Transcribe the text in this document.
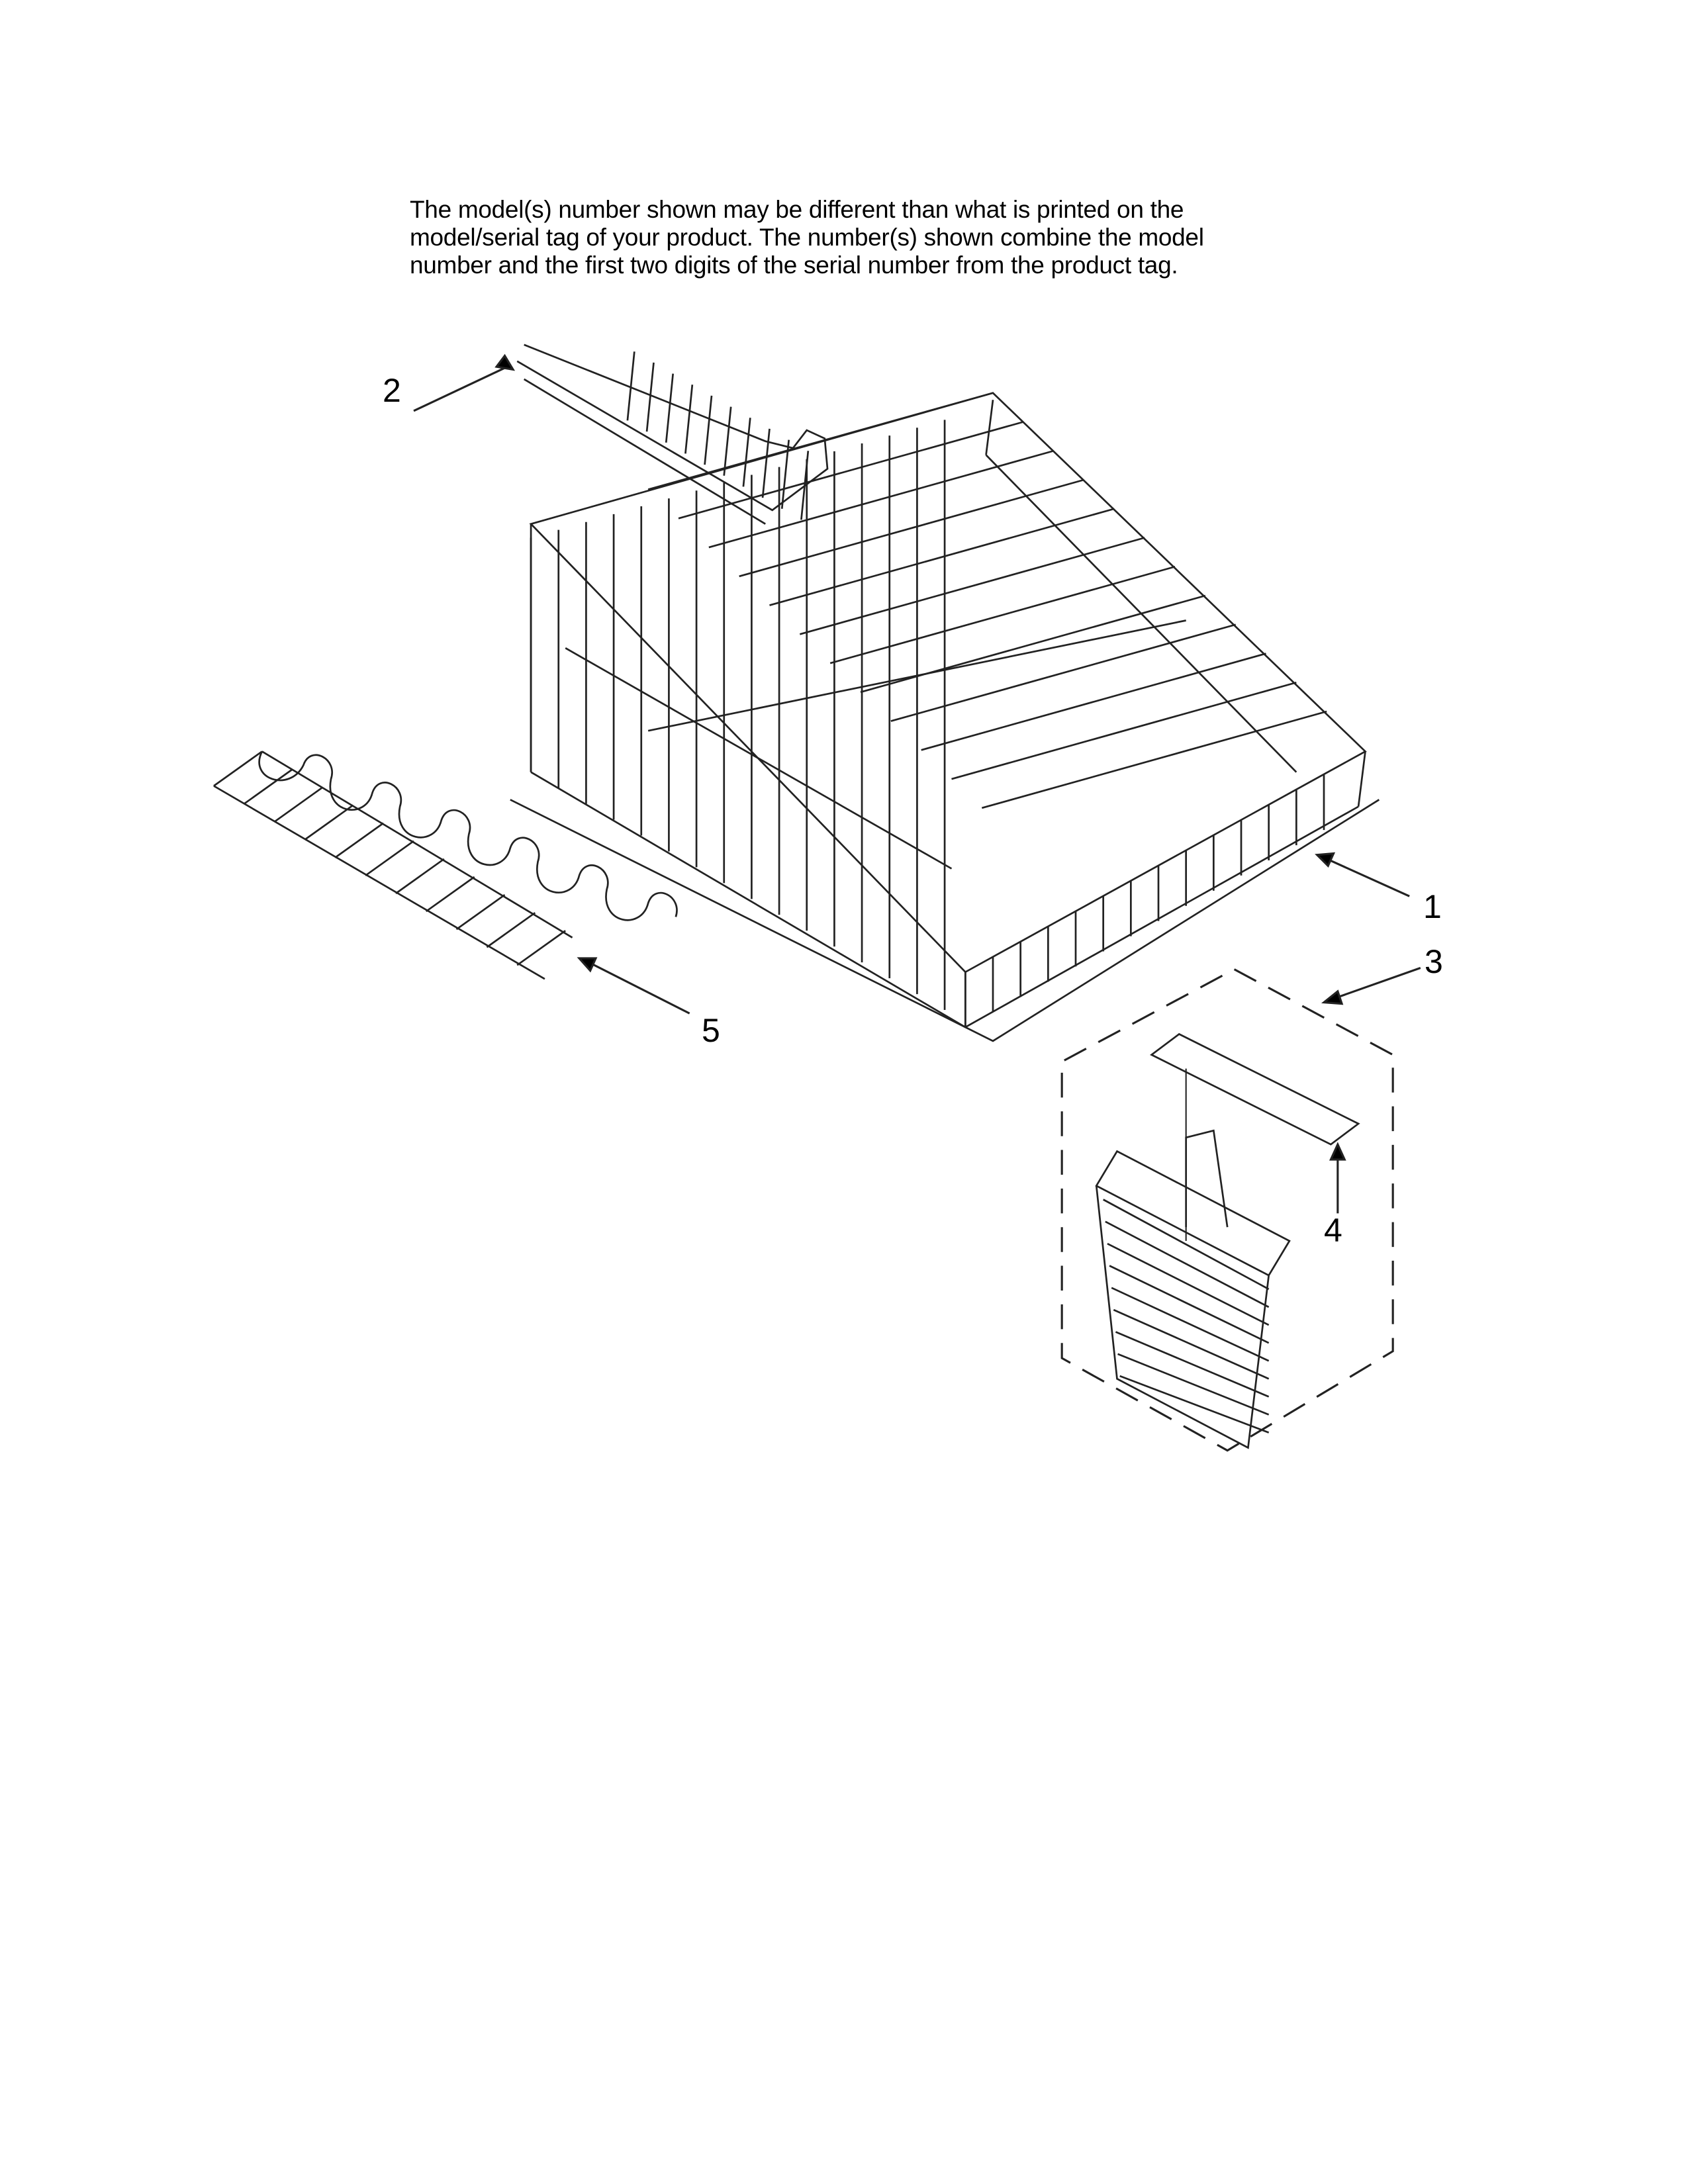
The model(s) number shown may be different than what is printed on the
model/serial tag of your product. The number(s) shown combine the model
number and the first two digits of the serial number from the product tag.
2
1
3
4
5
